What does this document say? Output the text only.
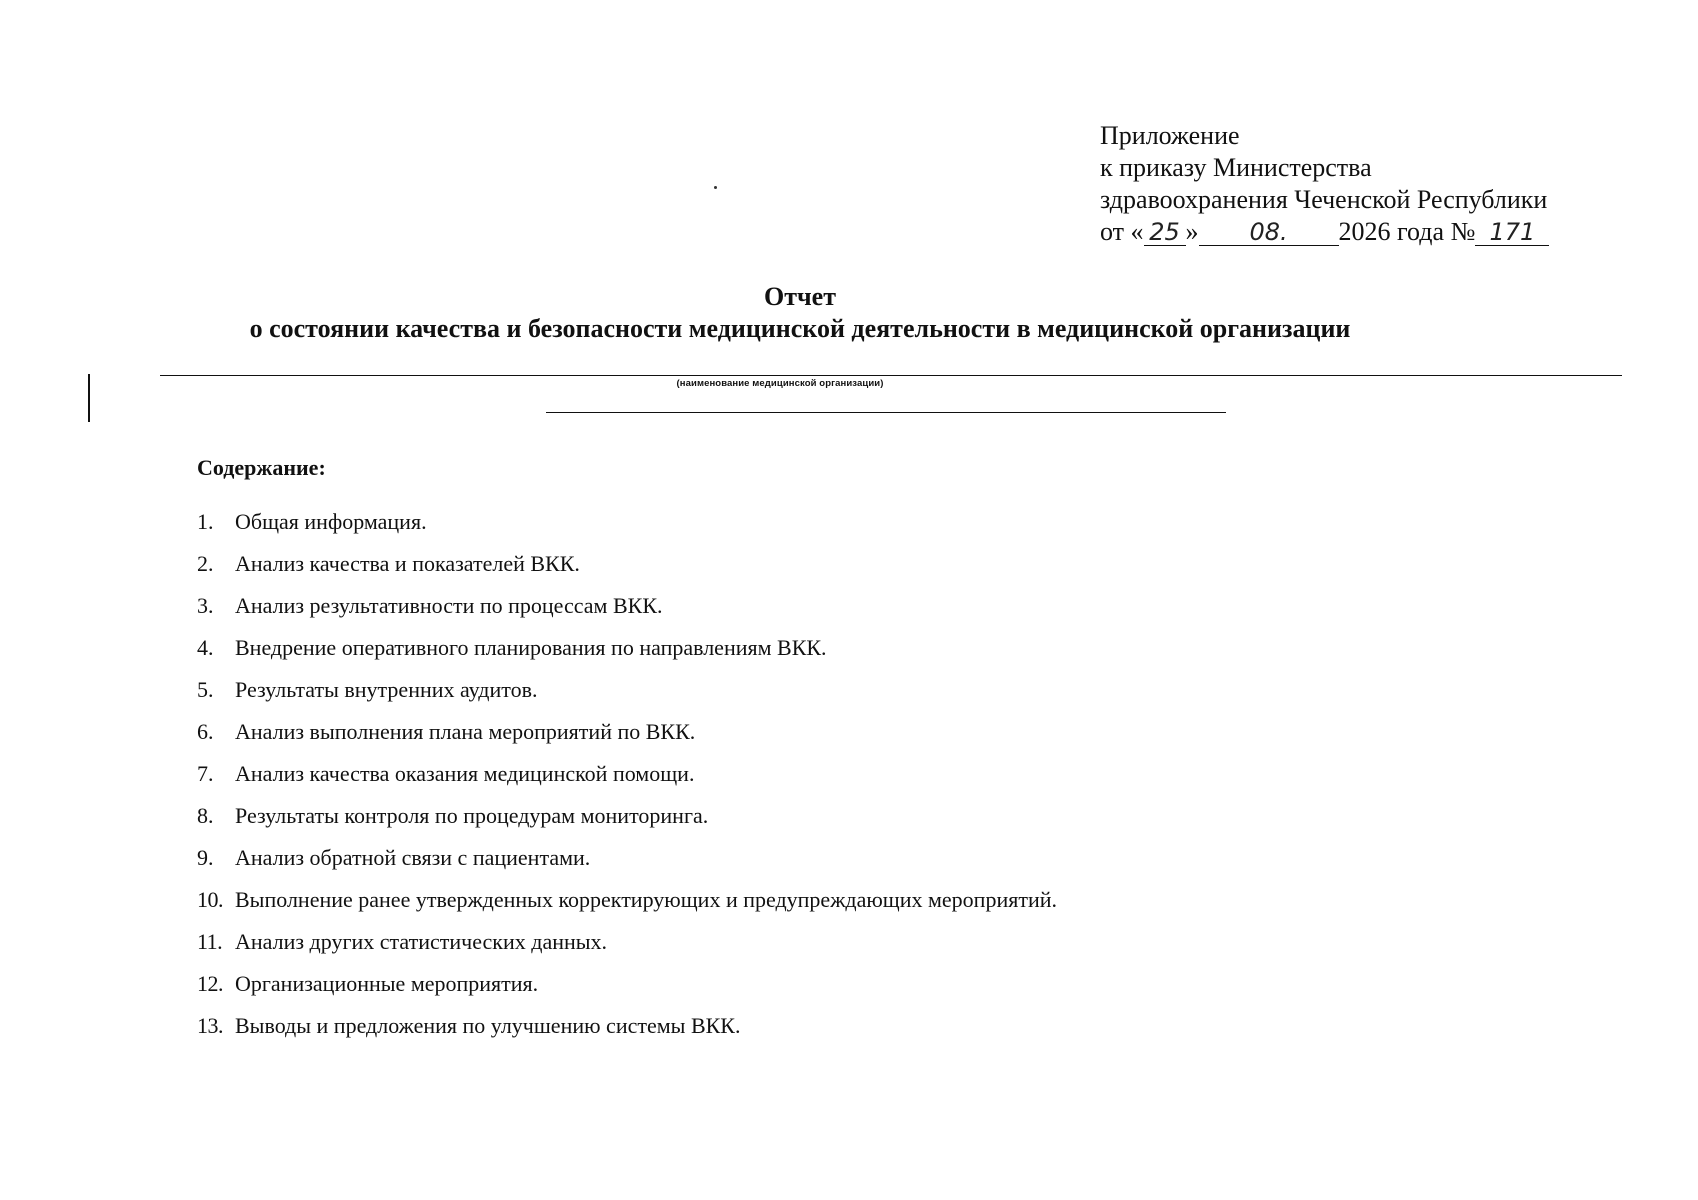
Приложение
к приказу Министерства
здравоохранения Чеченской Республики
от « 25 » 08. 2026 года № 171
Отчет
о состоянии качества и безопасности медицинской деятельности в медицинской организации
(наименование медицинской организации)
Содержание:
1. Общая информация.
2. Анализ качества и показателей ВКК.
3. Анализ результативности по процессам ВКК.
4. Внедрение оперативного планирования по направлениям ВКК.
5. Результаты внутренних аудитов.
6. Анализ выполнения плана мероприятий по ВКК.
7. Анализ качества оказания медицинской помощи.
8. Результаты контроля по процедурам мониторинга.
9. Анализ обратной связи с пациентами.
10. Выполнение ранее утвержденных корректирующих и предупреждающих мероприятий.
11. Анализ других статистических данных.
12. Организационные мероприятия.
13. Выводы и предложения по улучшению системы ВКК.
